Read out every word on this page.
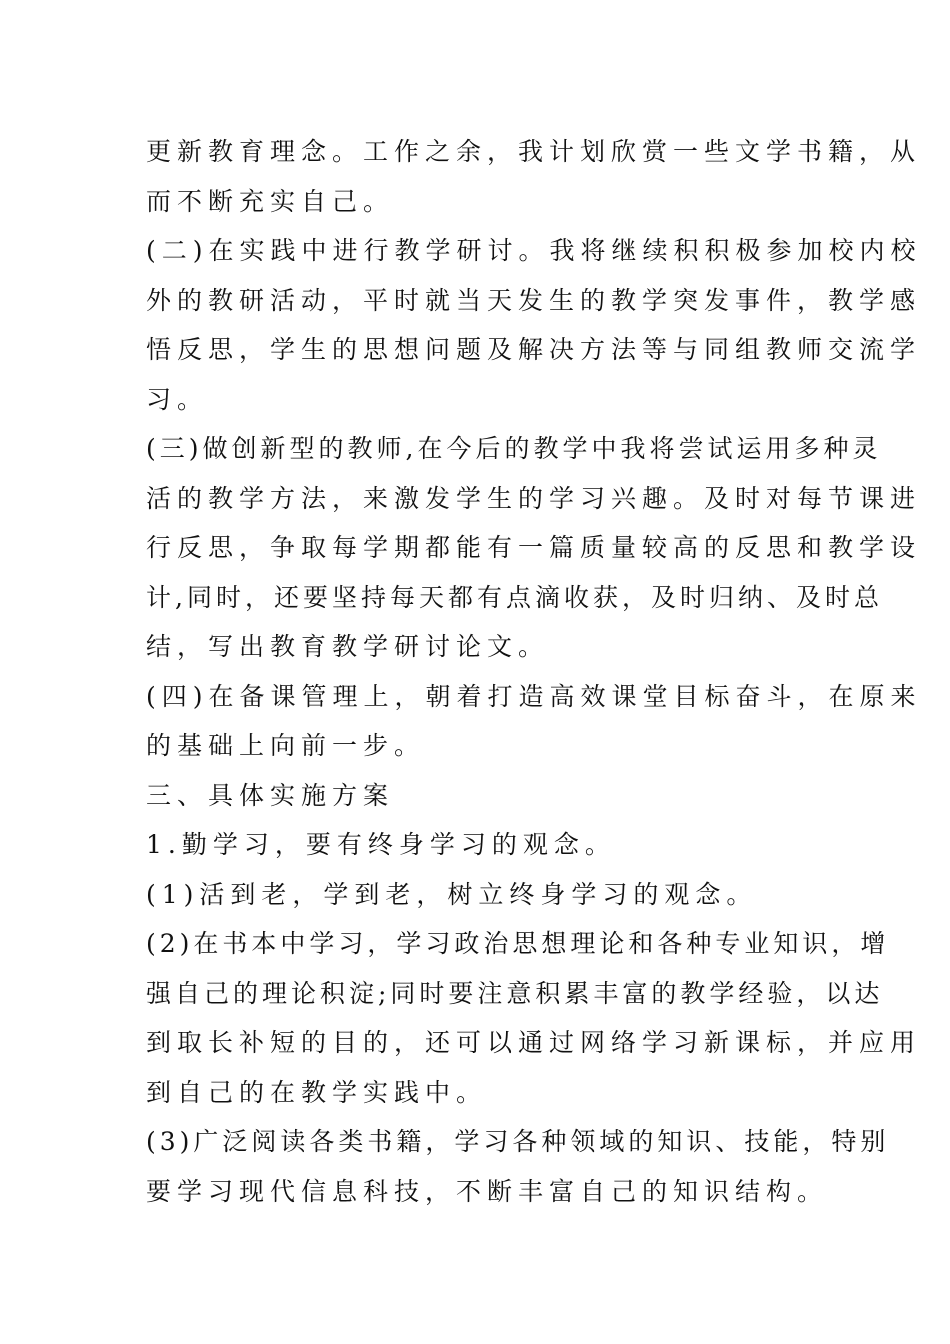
更新教育理念。工作之余，我计划欣赏一些文学书籍，从
而不断充实自己。
(二)在实践中进行教学研讨。我将继续积积极参加校内校
外的教研活动，平时就当天发生的教学突发事件，教学感
悟反思，学生的思想问题及解决方法等与同组教师交流学
习。
(三)做创新型的教师,在今后的教学中我将尝试运用多种灵
活的教学方法，来激发学生的学习兴趣。及时对每节课进
行反思，争取每学期都能有一篇质量较高的反思和教学设
计,同时，还要坚持每天都有点滴收获，及时归纳、及时总
结，写出教育教学研讨论文。
(四)在备课管理上，朝着打造高效课堂目标奋斗，在原来
的基础上向前一步。
三、具体实施方案
1.勤学习，要有终身学习的观念。
(1)活到老，学到老，树立终身学习的观念。
(2)在书本中学习，学习政治思想理论和各种专业知识，增
强自己的理论积淀;同时要注意积累丰富的教学经验，以达
到取长补短的目的，还可以通过网络学习新课标，并应用
到自己的在教学实践中。
(3)广泛阅读各类书籍，学习各种领域的知识、技能，特别
要学习现代信息科技，不断丰富自己的知识结构。
